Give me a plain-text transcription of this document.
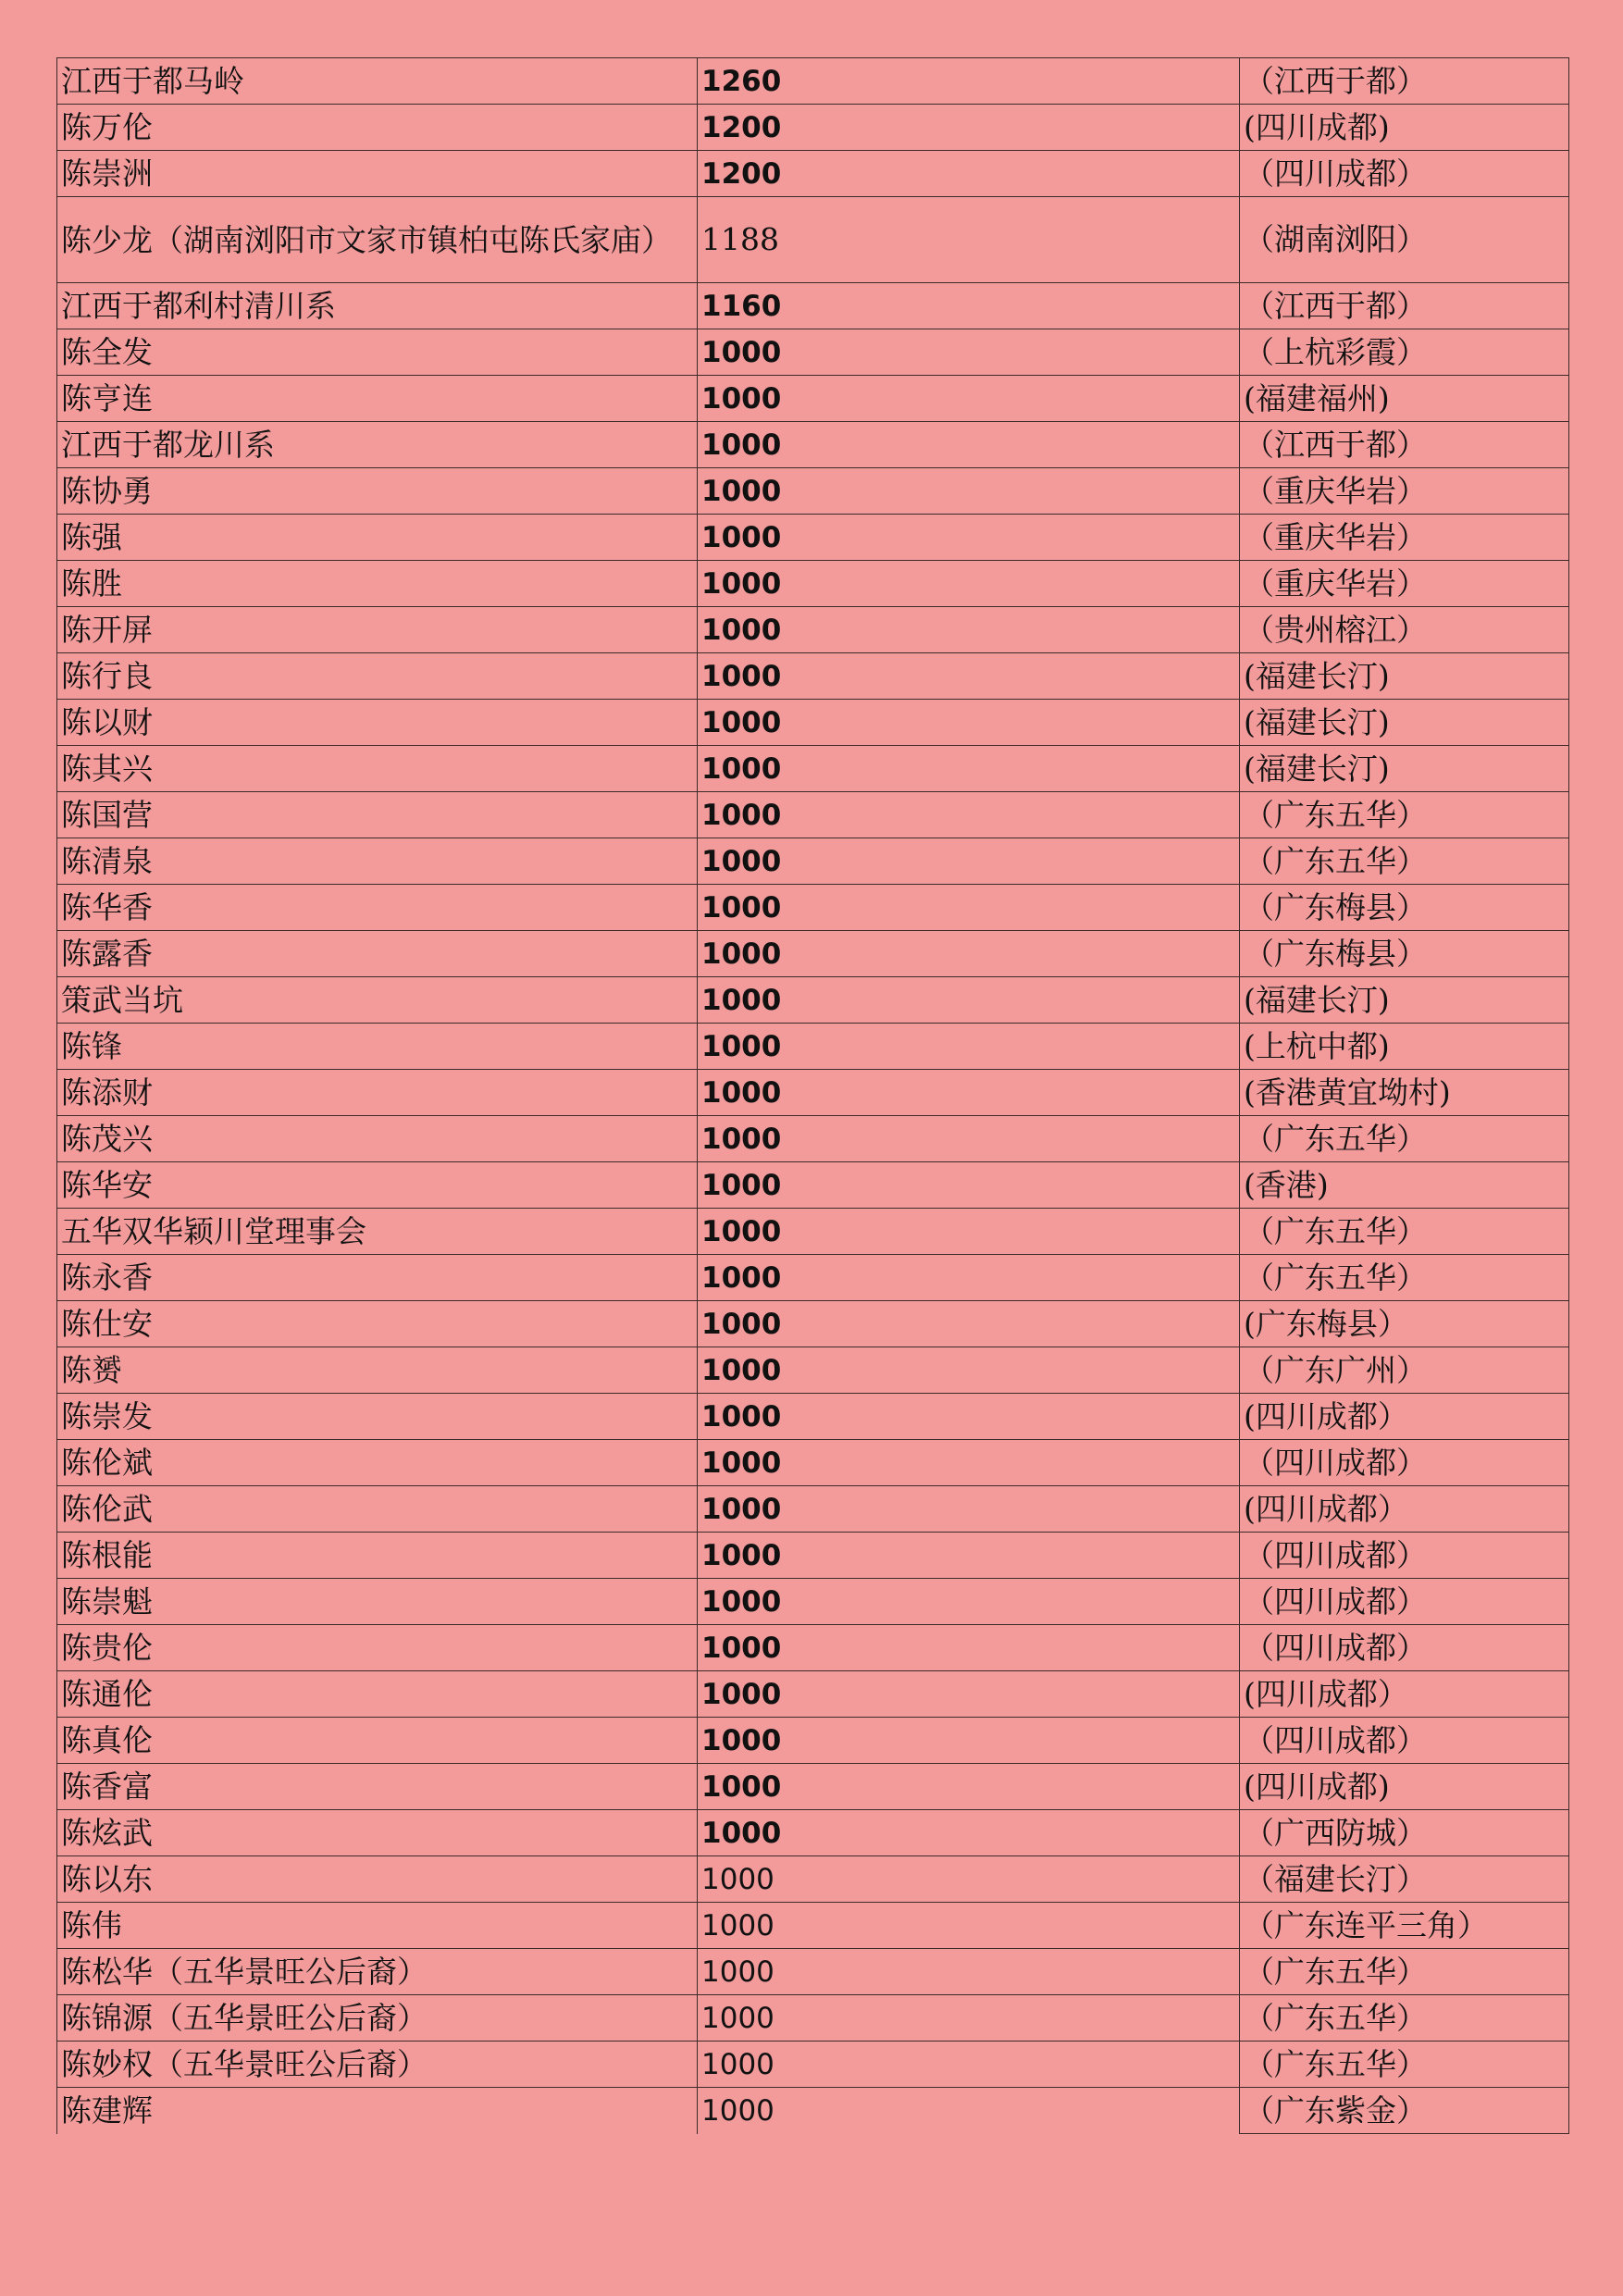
江西于都马岭	1260	（江西于都）
陈万伦	1200	(四川成都)
陈崇洲	1200	（四川成都）
陈少龙（湖南浏阳市文家市镇柏屯陈氏家庙）	1188	（湖南浏阳）
江西于都利村清川系	1160	（江西于都）
陈全发	1000	（上杭彩霞）
陈亨连	1000	(福建福州)
江西于都龙川系	1000	（江西于都）
陈协勇	1000	（重庆华岩）
陈强	1000	（重庆华岩）
陈胜	1000	（重庆华岩）
陈开屏	1000	（贵州榕江）
陈行良	1000	(福建长汀)
陈以财	1000	(福建长汀)
陈其兴	1000	(福建长汀)
陈国营	1000	（广东五华）
陈清泉	1000	（广东五华）
陈华香	1000	（广东梅县）
陈露香	1000	（广东梅县）
策武当坑	1000	(福建长汀)
陈锋	1000	(上杭中都)
陈添财	1000	(香港黄宜坳村)
陈茂兴	1000	（广东五华）
陈华安	1000	(香港)
五华双华颖川堂理事会	1000	（广东五华）
陈永香	1000	（广东五华）
陈仕安	1000	(广东梅县）
陈赟	1000	（广东广州）
陈崇发	1000	(四川成都）
陈伦斌	1000	（四川成都）
陈伦武	1000	(四川成都）
陈根能	1000	（四川成都）
陈崇魁	1000	（四川成都）
陈贵伦	1000	（四川成都）
陈通伦	1000	(四川成都）
陈真伦	1000	（四川成都）
陈香富	1000	(四川成都)
陈炫武	1000	（广西防城）
陈以东	1000	（福建长汀）
陈伟	1000	（广东连平三角）
陈松华（五华景旺公后裔）	1000	（广东五华）
陈锦源（五华景旺公后裔）	1000	（广东五华）
陈妙权（五华景旺公后裔）	1000	（广东五华）
陈建辉	1000	（广东紫金）
